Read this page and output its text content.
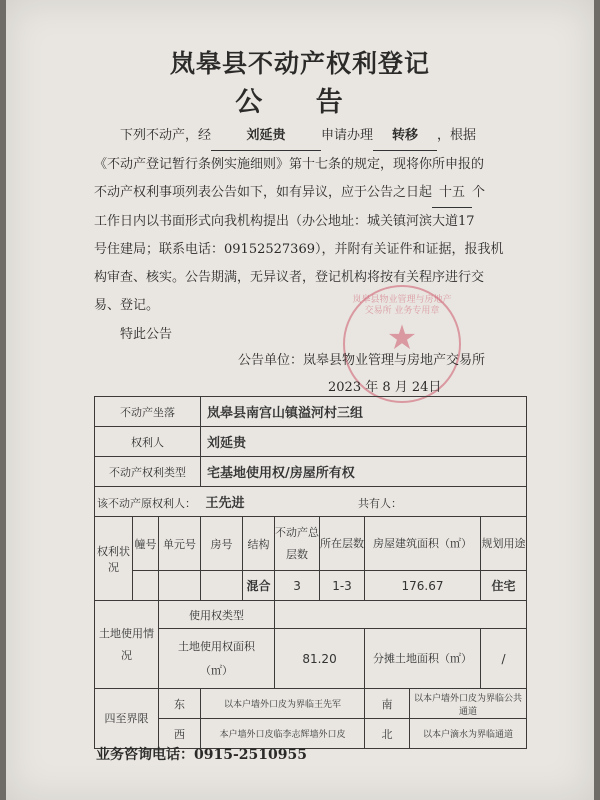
岚皋县不动产权利登记
公 告
下列不动产，经	刘延贵	申请办理 转移 ，根据
《不动产登记暂行条例实施细则》第十七条的规定，现将你所申报的
不动产权利事项列表公告如下，如有异议，应于公告之日起 十五 个
工作日内以书面形式向我机构提出（办公地址：城关镇河滨大道17
号住建局；联系电话：09152527369），并附有关证件和证据，报我机
构审查、核实。公告期满，无异议者，登记机构将按有关程序进行交
易、登记。
特此公告
岚皋县物业管理与房地产交易所 业务专用章
★
公告单位：岚皋县物业管理与房地产交易所
2023 年 8 月 24日
不动产坐落			岚皋县南宫山镇溢河村三组						
权利人			刘延贵						
不动产权利类型			宅基地使用权/房屋所有权						
该不动产原权利人： 王先进 共有人：									
权利状况	幢号	单元号	房号	结构	不动产总层数	所在层数	房屋建筑面积（㎡）		规划用途
				混合	3	1-3	176.67		住宅
土地使用情况		使用权类型							
		土地使用权面积（㎡）			81.20		分摊土地面积（㎡）		/
四至界限		东	以本户墙外口皮为界临王先军				南	以本户墙外口皮为界临公共通道	
		西	本户墙外口皮临李志辉墙外口皮				北	以本户滴水为界临通道	
业务咨询电话：0915-2510955
